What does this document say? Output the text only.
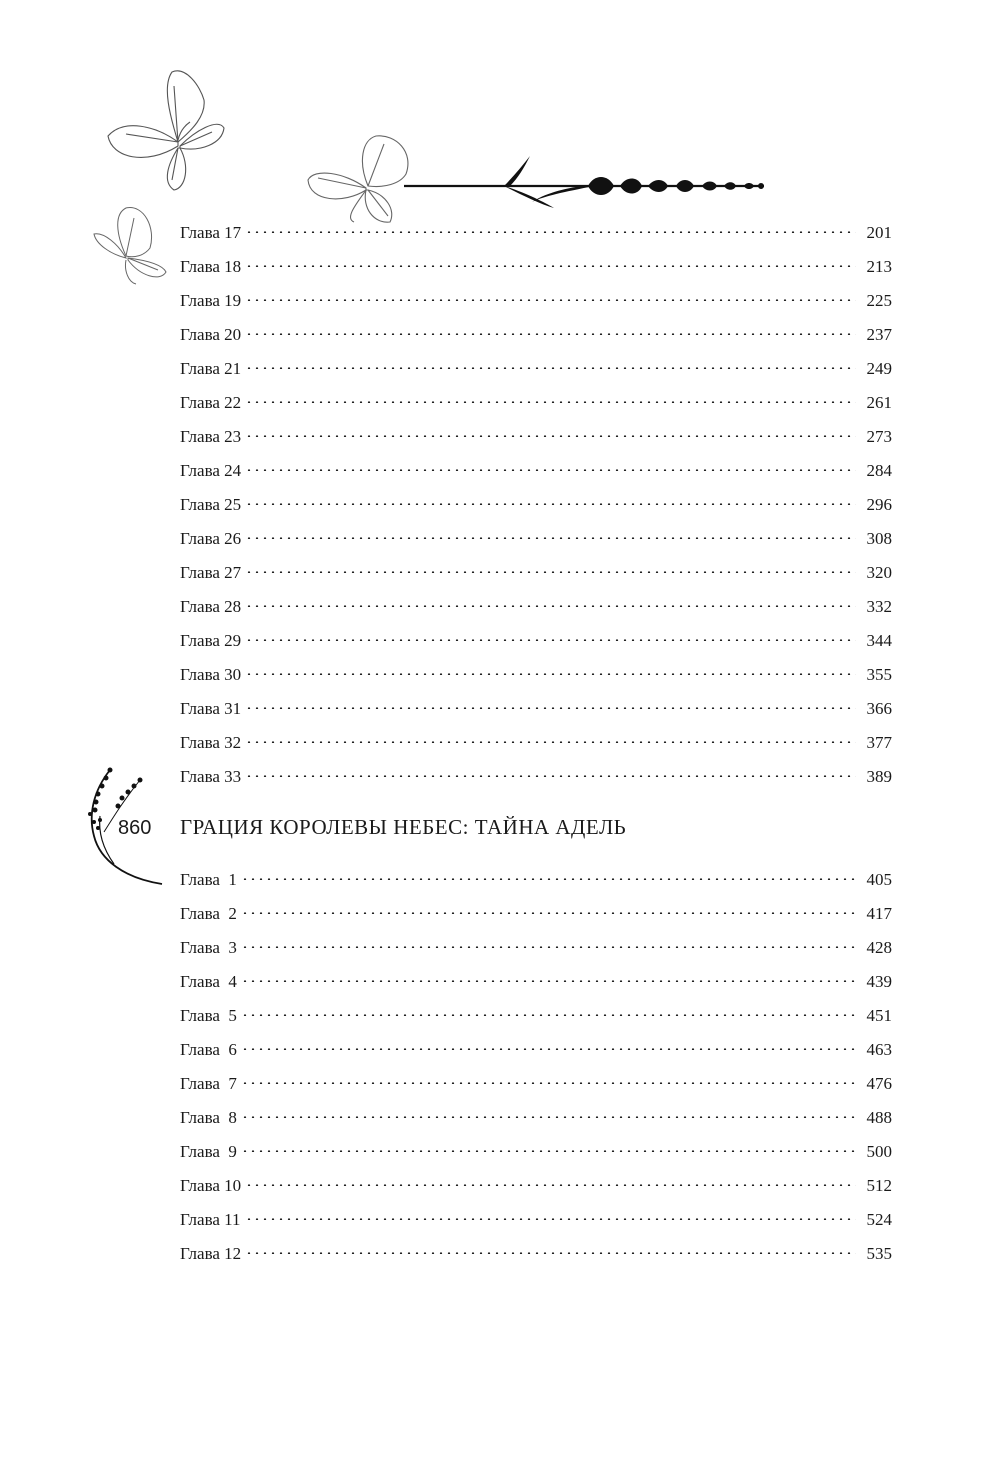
860
Глава 17	201
Глава 18	213
Глава 19	225
Глава 20	237
Глава 21	249
Глава 22	261
Глава 23	273
Глава 24	284
Глава 25	296
Глава 26	308
Глава 27	320
Глава 28	332
Глава 29	344
Глава 30	355
Глава 31	366
Глава 32	377
Глава 33	389
ГРАЦИЯ КОРОЛЕВЫ НЕБЕС: ТАЙНА АДЕЛЬ
Глава  1	405
Глава  2	417
Глава  3	428
Глава  4	439
Глава  5	451
Глава  6	463
Глава  7	476
Глава  8	488
Глава  9	500
Глава 10	512
Глава 11	524
Глава 12	535
